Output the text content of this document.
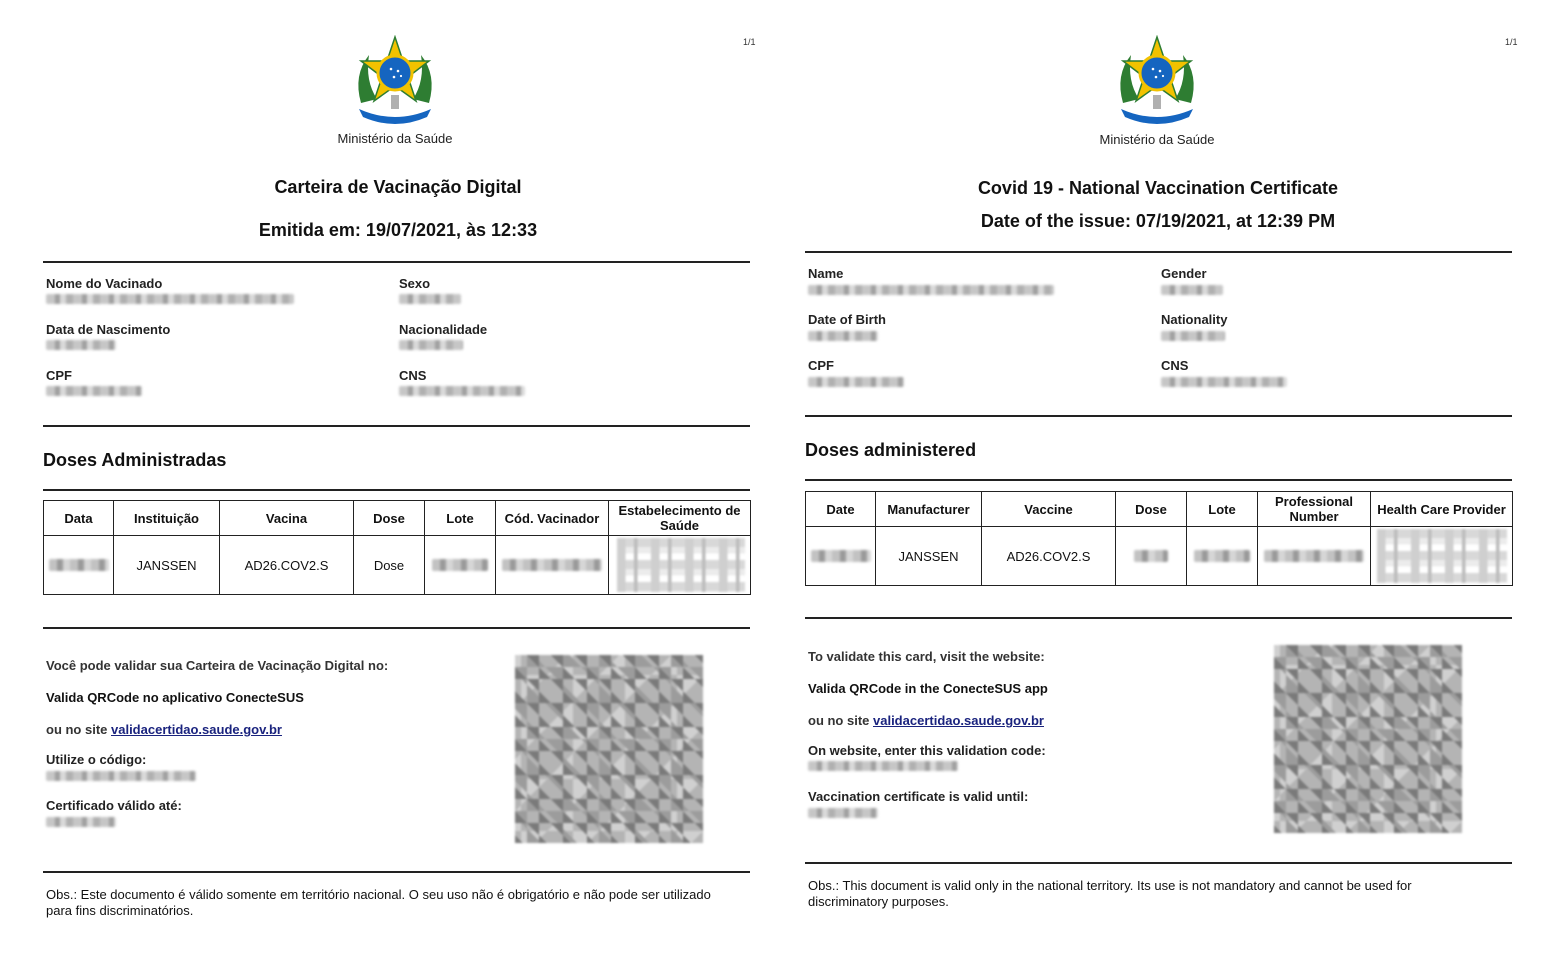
1/1
Ministério da Saúde
Carteira de Vacinação Digital
Emitida em: 19/07/2021, às 12:33
Nome do Vacinado	Sexo
Data de Nascimento	Nacionalidade
CPF	CNS
Doses Administradas
Data	Instituição	Vacina	Dose	Lote	Cód. Vacinador	Estabelecimento de Saúde

	JANSSEN	AD26.COV2.S	Dose	

Você pode validar sua Carteira de Vacinação Digital no:
Valida QRCode no aplicativo ConecteSUS
ou no site validacertidao.saude.gov.br
Utilize o código:
Certificado válido até:
Obs.: Este documento é válido somente em território nacional. O seu uso não é obrigatório e não pode ser utilizado para fins discriminatórios.
1/1
Ministério da Saúde
Covid 19 - National Vaccination Certificate
Date of the issue: 07/19/2021, at 12:39 PM
Name	Gender
Date of Birth	Nationality
CPF	CNS
Doses administered
Date	Manufacturer	Vaccine	Dose	Lote	Professional Number	Health Care Provider

	JANSSEN	AD26.COV2.S	

To validate this card, visit the website:
Valida QRCode in the ConecteSUS app
ou no site validacertidao.saude.gov.br
On website, enter this validation code:
Vaccination certificate is valid until:
Obs.: This document is valid only in the national territory. Its use is not mandatory and cannot be used for discriminatory purposes.
